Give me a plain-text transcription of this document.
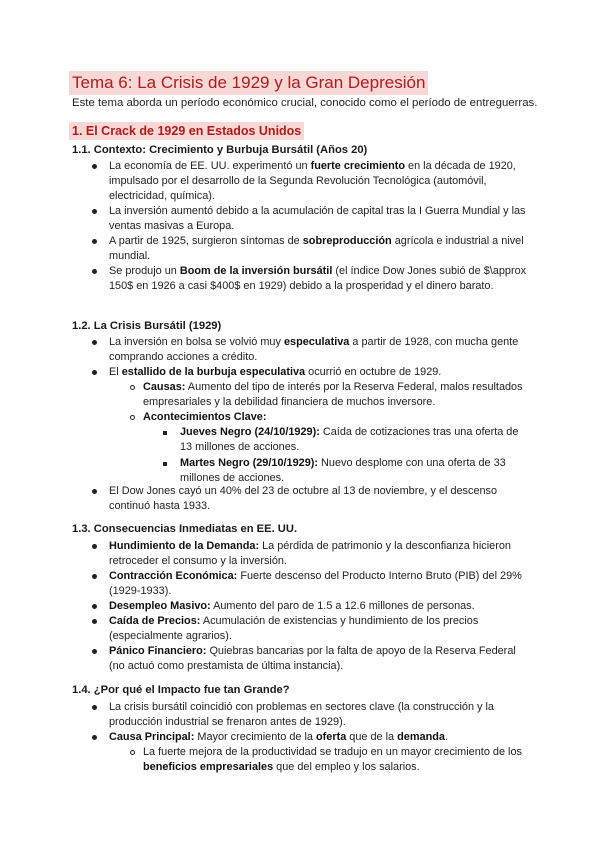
Tema 6: La Crisis de 1929 y la Gran Depresión
Este tema aborda un período económico crucial, conocido como el período de entreguerras.
1. El Crack de 1929 en Estados Unidos
1.1. Contexto: Crecimiento y Burbuja Bursátil (Años 20)
La economía de EE. UU. experimentó un fuerte crecimiento en la década de 1920, impulsado por el desarrollo de la Segunda Revolución Tecnológica (automóvil, electricidad, química).
La inversión aumentó debido a la acumulación de capital tras la I Guerra Mundial y las ventas masivas a Europa.
A partir de 1925, surgieron síntomas de sobreproducción agrícola e industrial a nivel mundial.
Se produjo un Boom de la inversión bursátil (el índice Dow Jones subió de $\approx 150$ en 1926 a casi $400$ en 1929) debido a la prosperidad y el dinero barato.
1.2. La Crisis Bursátil (1929)
La inversión en bolsa se volvió muy especulativa a partir de 1928, con mucha gente comprando acciones a crédito.
El estallido de la burbuja especulativa ocurrió en octubre de 1929.
Causas: Aumento del tipo de interés por la Reserva Federal, malos resultados empresariales y la debilidad financiera de muchos inversore.
Acontecimientos Clave:
Jueves Negro (24/10/1929): Caída de cotizaciones tras una oferta de 13 millones de acciones.
Martes Negro (29/10/1929): Nuevo desplome con una oferta de 33 millones de acciones.
El Dow Jones cayó un 40% del 23 de octubre al 13 de noviembre, y el descenso continuó hasta 1933.
1.3. Consecuencias Inmediatas en EE. UU.
Hundimiento de la Demanda: La pérdida de patrimonio y la desconfianza hicieron retroceder el consumo y la inversión.
Contracción Económica: Fuerte descenso del Producto Interno Bruto (PIB) del 29% (1929-1933).
Desempleo Masivo: Aumento del paro de 1.5 a 12.6 millones de personas.
Caída de Precios: Acumulación de existencias y hundimiento de los precios (especialmente agrarios).
Pánico Financiero: Quiebras bancarias por la falta de apoyo de la Reserva Federal (no actuó como prestamista de última instancia).
1.4. ¿Por qué el Impacto fue tan Grande?
La crisis bursátil coincidió con problemas en sectores clave (la construcción y la producción industrial se frenaron antes de 1929).
Causa Principal: Mayor crecimiento de la oferta que de la demanda.
La fuerte mejora de la productividad se tradujo en un mayor crecimiento de los beneficios empresariales que del empleo y los salarios.
